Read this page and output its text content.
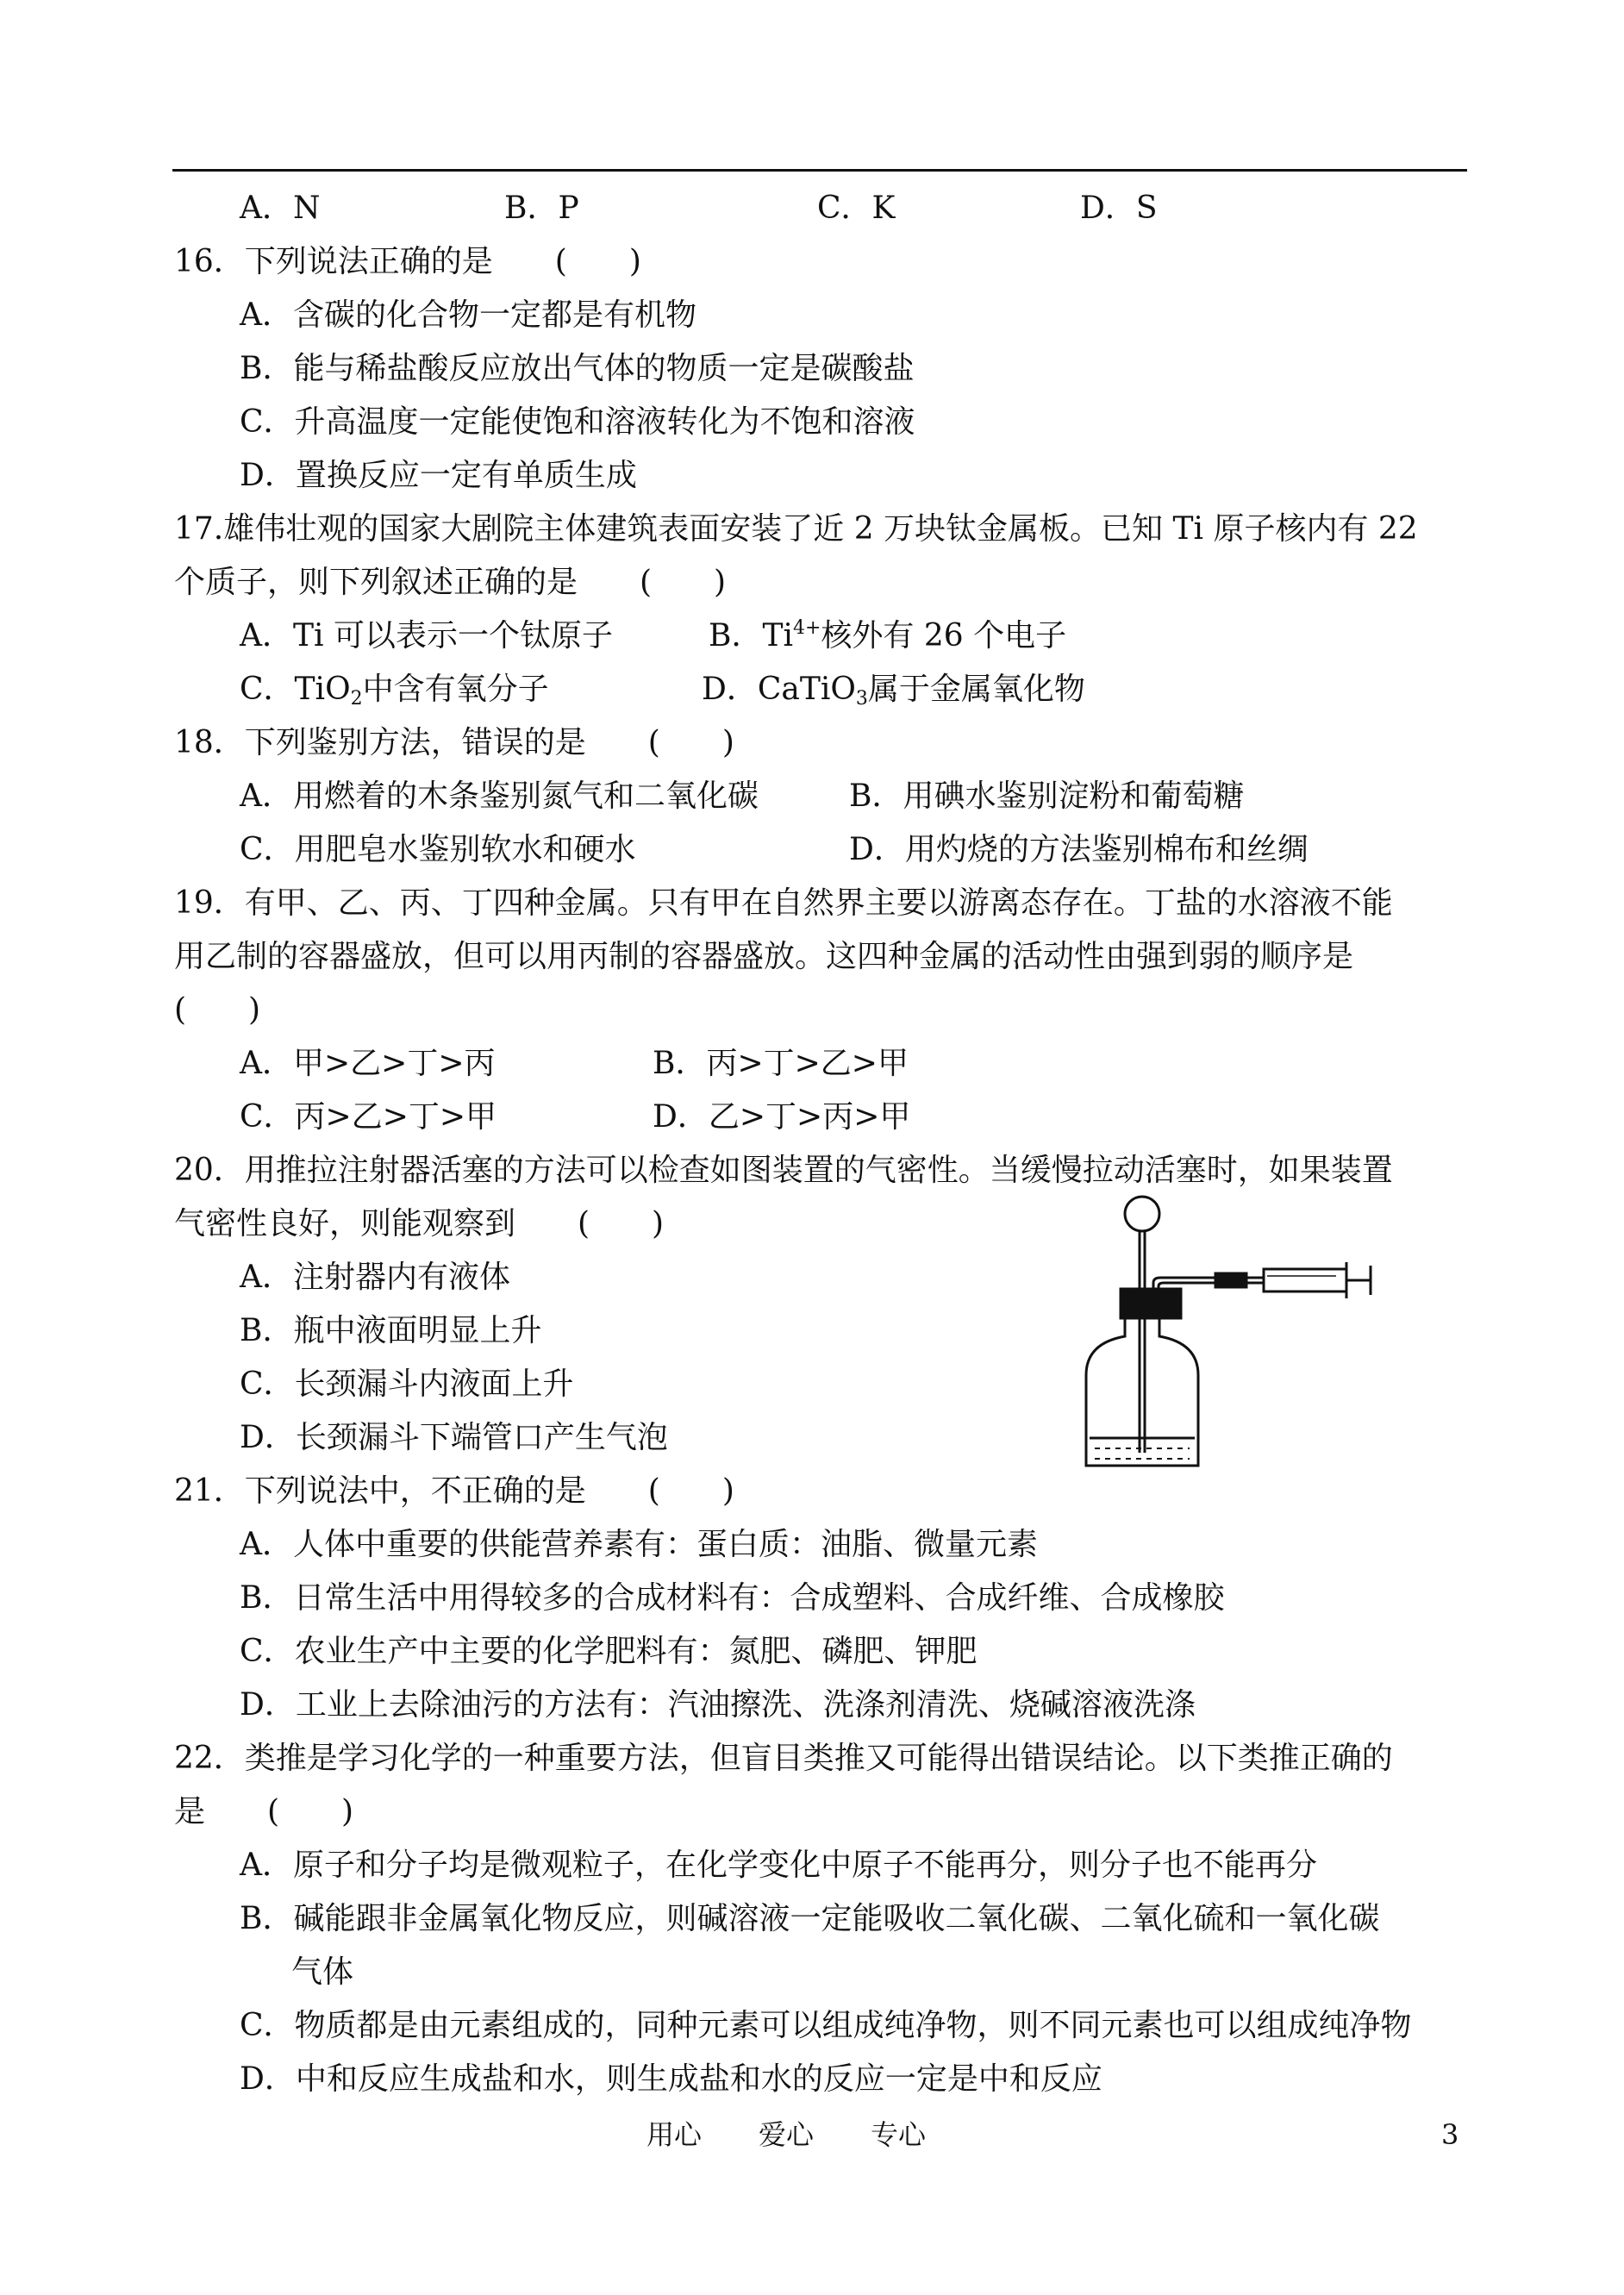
A．N	B．P	C．K	D．S
16．下列说法正确的是　　(　　)
A．含碳的化合物一定都是有机物
B．能与稀盐酸反应放出气体的物质一定是碳酸盐
C．升高温度一定能使饱和溶液转化为不饱和溶液
D．置换反应一定有单质生成
17.雄伟壮观的国家大剧院主体建筑表面安装了近 2 万块钛金属板。已知 Ti 原子核内有 22
个质子，则下列叙述正确的是　　(　　)
A．Ti 可以表示一个钛原子	B．$Ti^{4+}$核外有 26 个电子
C．TiO$_2$中含有氧分子	D．CaTiO$_3$属于金属氧化物
18．下列鉴别方法，错误的是　　(　　)
A．用燃着的木条鉴别氮气和二氧化碳	B．用碘水鉴别淀粉和葡萄糖
C．用肥皂水鉴别软水和硬水	D．用灼烧的方法鉴别棉布和丝绸
19．有甲、乙、丙、丁四种金属。只有甲在自然界主要以游离态存在。丁盐的水溶液不能
用乙制的容器盛放，但可以用丙制的容器盛放。这四种金属的活动性由强到弱的顺序是
(　　)
A．甲>乙>丁>丙	B．丙>丁>乙>甲
C．丙>乙>丁>甲	D．乙>丁>丙>甲
20．用推拉注射器活塞的方法可以检查如图装置的气密性。当缓慢拉动活塞时，如果装置
气密性良好，则能观察到　　(　　)
A．注射器内有液体
B．瓶中液面明显上升
C．长颈漏斗内液面上升
D．长颈漏斗下端管口产生气泡
21．下列说法中，不正确的是　　(　　)
A．人体中重要的供能营养素有：蛋白质：油脂、微量元素
B．日常生活中用得较多的合成材料有：合成塑料、合成纤维、合成橡胶
C．农业生产中主要的化学肥料有：氮肥、磷肥、钾肥
D．工业上去除油污的方法有：汽油擦洗、洗涤剂清洗、烧碱溶液洗涤
22．类推是学习化学的一种重要方法，但盲目类推又可能得出错误结论。以下类推正确的
是　　(　　)
A．原子和分子均是微观粒子，在化学变化中原子不能再分，则分子也不能再分
B．碱能跟非金属氧化物反应，则碱溶液一定能吸收二氧化碳、二氧化硫和一氧化碳
气体
C．物质都是由元素组成的，同种元素可以组成纯净物，则不同元素也可以组成纯净物
D．中和反应生成盐和水，则生成盐和水的反应一定是中和反应
用心 爱心 专心	3
